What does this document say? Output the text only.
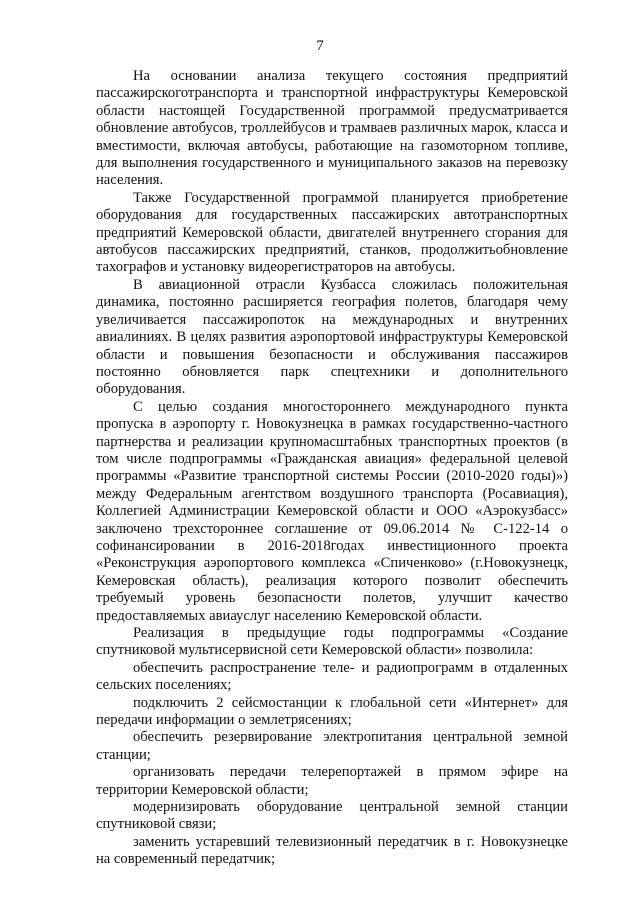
7

На основании анализа текущего состояния предприятий пассажирскоготранспорта и транспортной инфраструктуры Кемеровской области настоящей Государственной программой предусматривается обновление автобусов, троллейбусов и трамваев различных марок, класса и вместимости, включая автобусы, работающие на газомоторном топливе, для выполнения государственного и муниципального заказов на перевозку населения.

Также Государственной программой планируется приобретение оборудования для государственных пассажирских автотранспортных предприятий Кемеровской области, двигателей внутреннего сгорания для автобусов пассажирских предприятий, станков, продолжитьобновление тахографов и установку видеорегистраторов на автобусы.

В авиационной отрасли Кузбасса сложилась положительная динамика, постоянно расширяется география полетов, благодаря чему увеличивается пассажиропоток на международных и внутренних авиалиниях. В целях развития аэропортовой инфраструктуры Кемеровской области и повышения безопасности и обслуживания пассажиров постоянно обновляется парк спецтехники и дополнительного оборудования.

С целью создания многостороннего международного пункта пропуска в аэропорту г. Новокузнецка в рамках государственно-частного партнерства и реализации крупномасштабных транспортных проектов (в том числе подпрограммы «Гражданская авиация» федеральной целевой программы «Развитие транспортной системы России (2010-2020 годы)») между Федеральным агентством воздушного транспорта (Росавиация), Коллегией Администрации Кемеровской области и ООО «Аэрокузбасс» заключено трехстороннее соглашение от 09.06.2014 № С-122-14 о софинансировании в 2016-2018годах инвестиционного проекта «Реконструкция аэропортового комплекса «Спиченково» (г.Новокузнецк, Кемеровская область), реализация которого позволит обеспечить требуемый уровень безопасности полетов, улучшит качество предоставляемых авиауслуг населению Кемеровской области.

Реализация в предыдущие годы подпрограммы «Создание спутниковой мультисервисной сети Кемеровской области» позволила:

обеспечить распространение теле- и радиопрограмм в отдаленных сельских поселениях;

подключить 2 сейсмостанции к глобальной сети «Интернет» для передачи информации о землетрясениях;

обеспечить резервирование электропитания центральной земной станции;

организовать передачи телерепортажей в прямом эфире на территории Кемеровской области;

модернизировать оборудование центральной земной станции спутниковой связи;

заменить устаревший телевизионный передатчик в г. Новокузнецке на современный передатчик;
